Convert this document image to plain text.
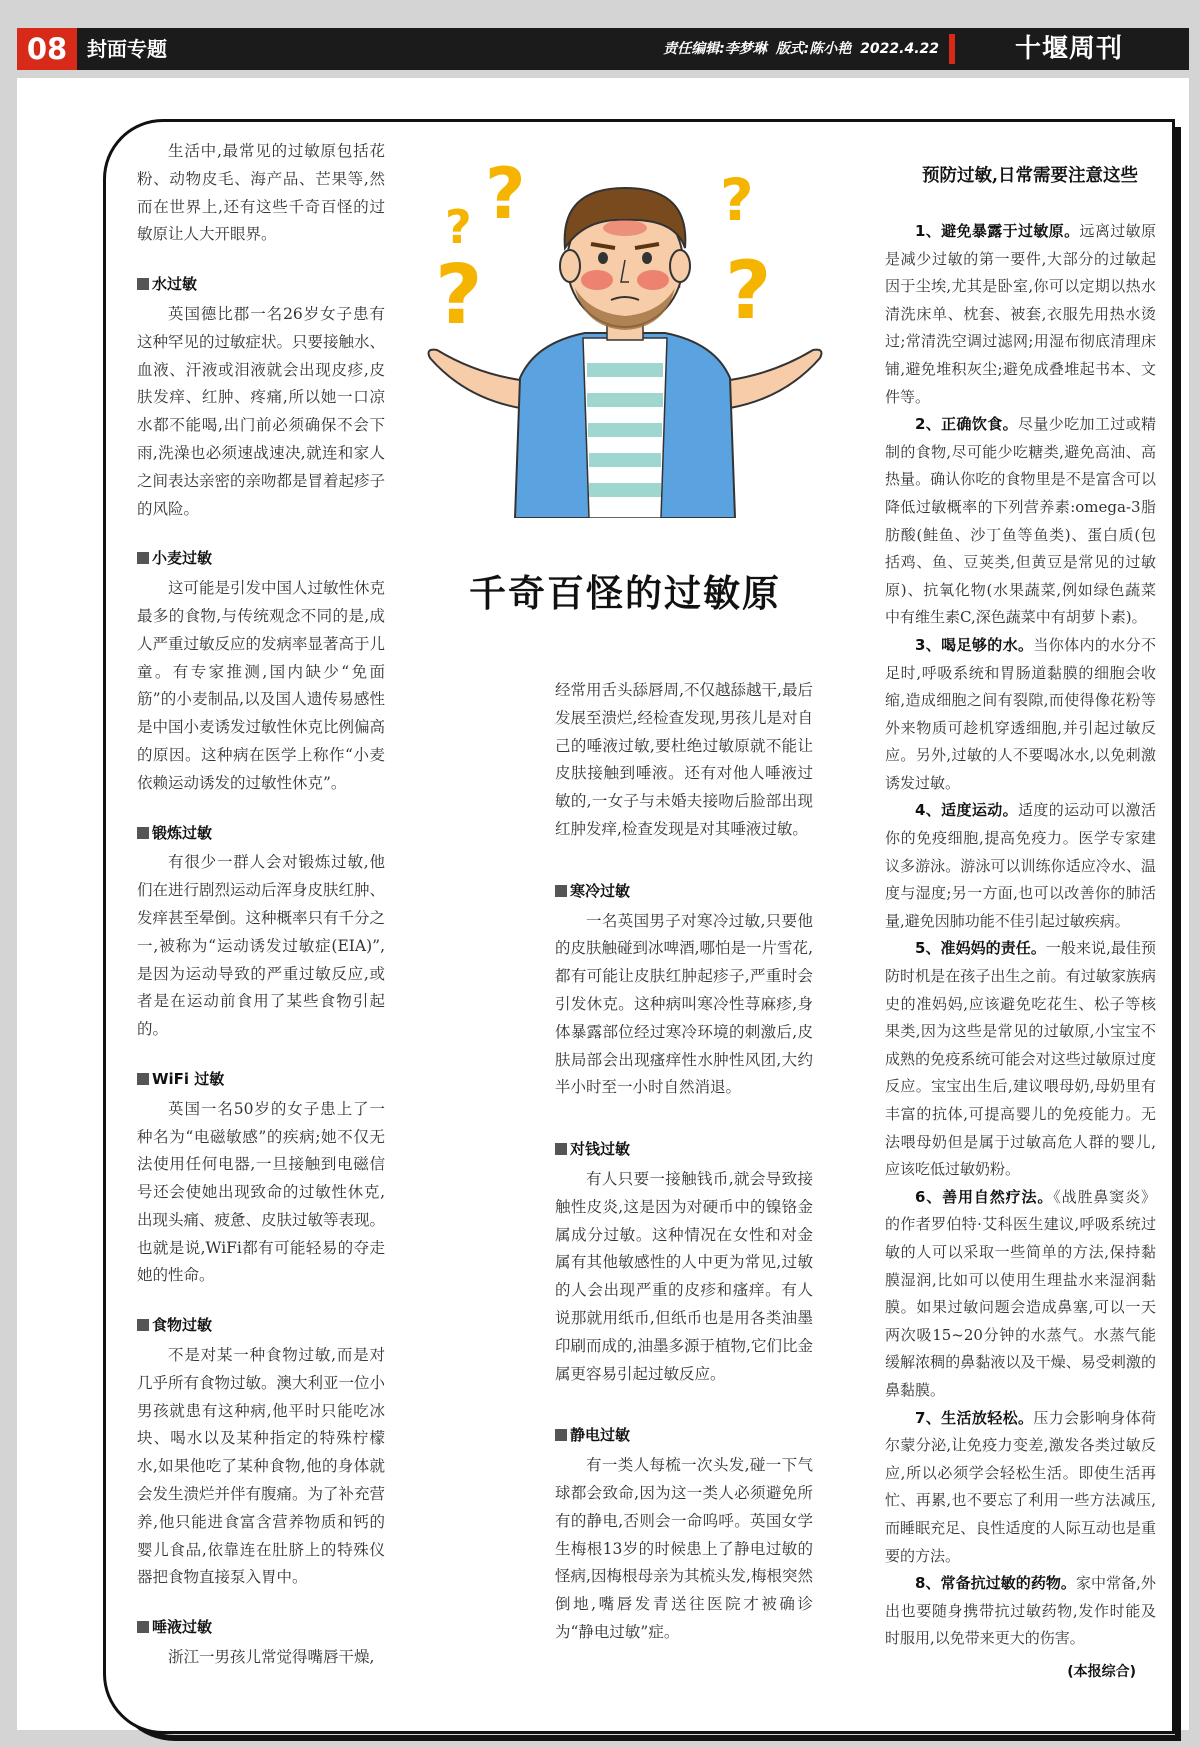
08 封面专题	责任编辑:李梦琳 版式:陈小艳 2022.4.22	十堰周刊
? ?
?
?
?
千奇百怪的过敏原

生活中,最常见的过敏原包括花粉、动物皮毛、海产品、芒果等,然而在世界上,还有这些千奇百怪的过敏原让人大开眼界。

水过敏

英国德比郡一名26岁女子患有这种罕见的过敏症状。只要接触水、血液、汗液或泪液就会出现皮疹,皮肤发痒、红肿、疼痛,所以她一口凉水都不能喝,出门前必须确保不会下雨,洗澡也必须速战速决,就连和家人之间表达亲密的亲吻都是冒着起疹子的风险。

小麦过敏

这可能是引发中国人过敏性休克最多的食物,与传统观念不同的是,成人严重过敏反应的发病率显著高于儿童。有专家推测,国内缺少“免面筋”的小麦制品,以及国人遗传易感性是中国小麦诱发过敏性休克比例偏高的原因。这种病在医学上称作“小麦依赖运动诱发的过敏性休克”。

锻炼过敏

有很少一群人会对锻炼过敏,他们在进行剧烈运动后浑身皮肤红肿、发痒甚至晕倒。这种概率只有千分之一,被称为“运动诱发过敏症(EIA)”,是因为运动导致的严重过敏反应,或者是在运动前食用了某些食物引起的。

WiFi 过敏

英国一名50岁的女子患上了一种名为“电磁敏感”的疾病;她不仅无法使用任何电器,一旦接触到电磁信号还会使她出现致命的过敏性休克,出现头痛、疲惫、皮肤过敏等表现。也就是说,WiFi都有可能轻易的夺走她的性命。

食物过敏

不是对某一种食物过敏,而是对几乎所有食物过敏。澳大利亚一位小男孩就患有这种病,他平时只能吃冰块、喝水以及某种指定的特殊柠檬水,如果他吃了某种食物,他的身体就会发生溃烂并伴有腹痛。为了补充营养,他只能进食富含营养物质和钙的婴儿食品,依靠连在肚脐上的特殊仪器把食物直接泵入胃中。

唾液过敏

浙江一男孩儿常觉得嘴唇干燥,

经常用舌头舔唇周,不仅越舔越干,最后发展至溃烂,经检查发现,男孩儿是对自己的唾液过敏,要杜绝过敏原就不能让皮肤接触到唾液。还有对他人唾液过敏的,一女子与未婚夫接吻后脸部出现红肿发痒,检查发现是对其唾液过敏。

寒冷过敏

一名英国男子对寒冷过敏,只要他的皮肤触碰到冰啤酒,哪怕是一片雪花,都有可能让皮肤红肿起疹子,严重时会引发休克。这种病叫寒冷性荨麻疹,身体暴露部位经过寒冷环境的刺激后,皮肤局部会出现瘙痒性水肿性风团,大约半小时至一小时自然消退。

对钱过敏

有人只要一接触钱币,就会导致接触性皮炎,这是因为对硬币中的镍铬金属成分过敏。这种情况在女性和对金属有其他敏感性的人中更为常见,过敏的人会出现严重的皮疹和瘙痒。有人说那就用纸币,但纸币也是用各类油墨印刷而成的,油墨多源于植物,它们比金属更容易引起过敏反应。

静电过敏

有一类人每梳一次头发,碰一下气球都会致命,因为这一类人必须避免所有的静电,否则会一命呜呼。英国女学生梅根13岁的时候患上了静电过敏的怪病,因梅根母亲为其梳头发,梅根突然倒地,嘴唇发青送往医院才被确诊为“静电过敏”症。

预防过敏,日常需要注意这些

1、避免暴露于过敏原。远离过敏原是减少过敏的第一要件,大部分的过敏起因于尘埃,尤其是卧室,你可以定期以热水清洗床单、枕套、被套,衣服先用热水烫过;常清洗空调过滤网;用湿布彻底清理床铺,避免堆积灰尘;避免成叠堆起书本、文件等。

2、正确饮食。尽量少吃加工过或精制的食物,尽可能少吃糖类,避免高油、高热量。确认你吃的食物里是不是富含可以降低过敏概率的下列营养素:omega-3脂肪酸(鲑鱼、沙丁鱼等鱼类)、蛋白质(包括鸡、鱼、豆荚类,但黄豆是常见的过敏原)、抗氧化物(水果蔬菜,例如绿色蔬菜中有维生素C,深色蔬菜中有胡萝卜素)。

3、喝足够的水。当你体内的水分不足时,呼吸系统和胃肠道黏膜的细胞会收缩,造成细胞之间有裂隙,而使得像花粉等外来物质可趁机穿透细胞,并引起过敏反应。另外,过敏的人不要喝冰水,以免刺激诱发过敏。

4、适度运动。适度的运动可以激活你的免疫细胞,提高免疫力。医学专家建议多游泳。游泳可以训练你适应冷水、温度与湿度;另一方面,也可以改善你的肺活量,避免因肺功能不佳引起过敏疾病。

5、准妈妈的责任。一般来说,最佳预防时机是在孩子出生之前。有过敏家族病史的准妈妈,应该避免吃花生、松子等核果类,因为这些是常见的过敏原,小宝宝不成熟的免疫系统可能会对这些过敏原过度反应。宝宝出生后,建议喂母奶,母奶里有丰富的抗体,可提高婴儿的免疫能力。无法喂母奶但是属于过敏高危人群的婴儿,应该吃低过敏奶粉。

6、善用自然疗法。《战胜鼻窦炎》的作者罗伯特·艾科医生建议,呼吸系统过敏的人可以采取一些简单的方法,保持黏膜湿润,比如可以使用生理盐水来湿润黏膜。如果过敏问题会造成鼻塞,可以一天两次吸15~20分钟的水蒸气。水蒸气能缓解浓稠的鼻黏液以及干燥、易受刺激的鼻黏膜。

7、生活放轻松。压力会影响身体荷尔蒙分泌,让免疫力变差,激发各类过敏反应,所以必须学会轻松生活。即使生活再忙、再累,也不要忘了利用一些方法减压,而睡眠充足、良性适度的人际互动也是重要的方法。

8、常备抗过敏的药物。家中常备,外出也要随身携带抗过敏药物,发作时能及时服用,以免带来更大的伤害。

(本报综合)
